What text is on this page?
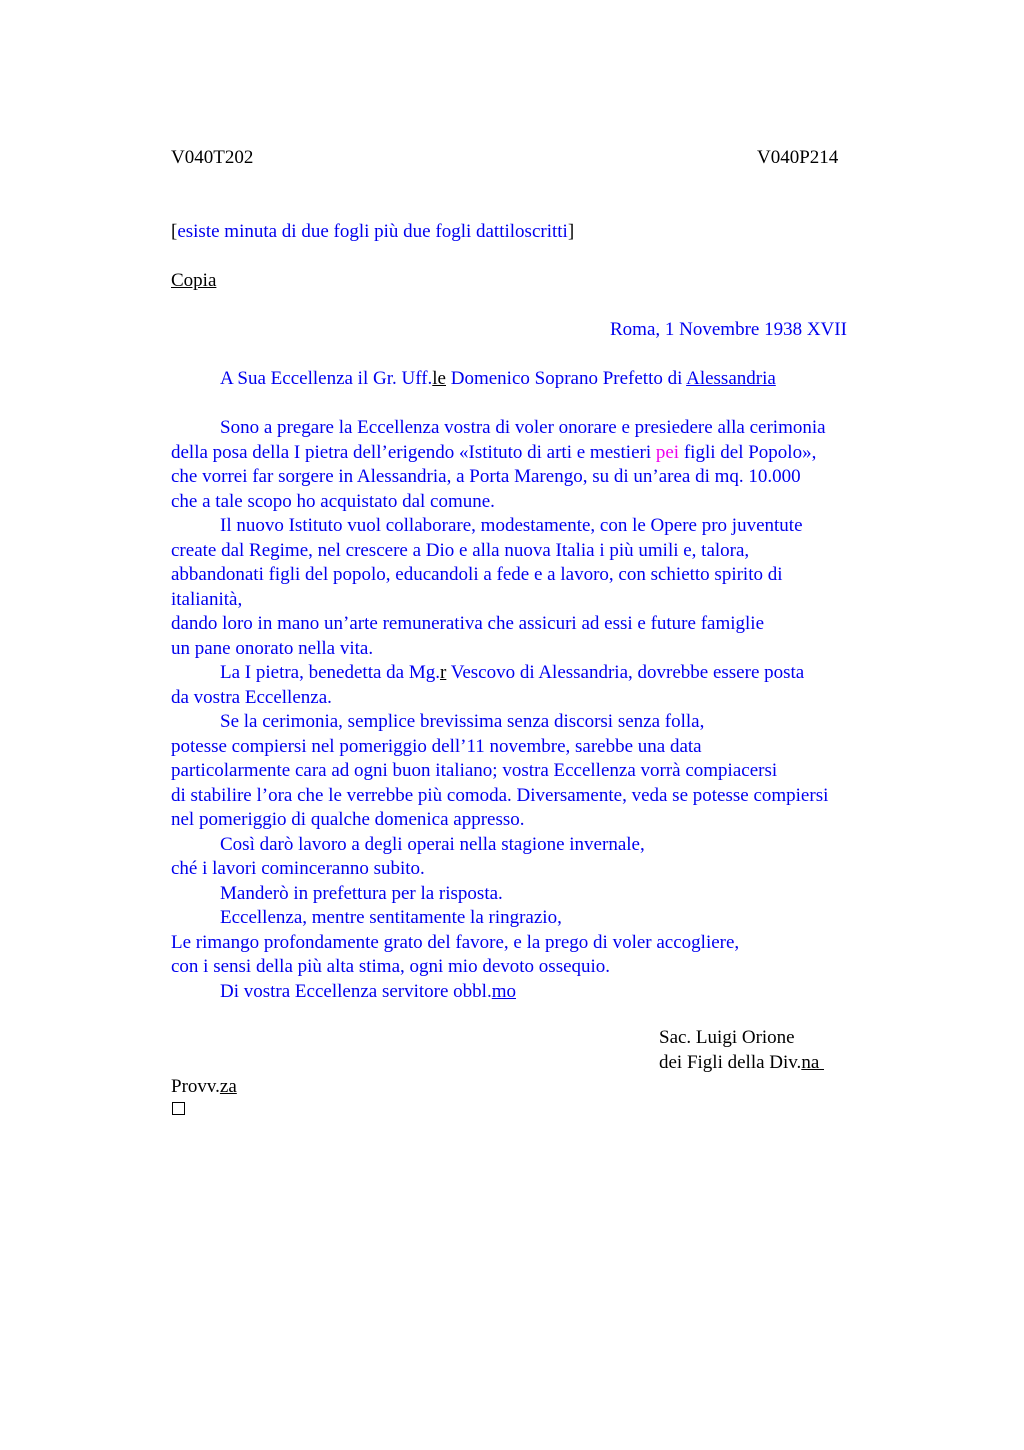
V040T202	V040P214
[esiste minuta di due fogli più due fogli dattiloscritti]
Copia
Roma, 1 Novembre 1938 XVII
A Sua Eccellenza il Gr. Uff.le Domenico Soprano Prefetto di Alessandria
Sono a pregare la Eccellenza vostra di voler onorare e presiedere alla cerimonia
della posa della I pietra dell’erigendo «Istituto di arti e mestieri pei figli del Popolo»,
che vorrei far sorgere in Alessandria, a Porta Marengo, su di un’area di mq. 10.000
che a tale scopo ho acquistato dal comune.
Il nuovo Istituto vuol collaborare, modestamente, con le Opere pro juventute
create dal Regime, nel crescere a Dio e alla nuova Italia i più umili e, talora,
abbandonati figli del popolo, educandoli a fede e a lavoro, con schietto spirito di
italianità,
dando loro in mano un’arte remunerativa che assicuri ad essi e future famiglie
un pane onorato nella vita.
La I pietra, benedetta da Mg.r Vescovo di Alessandria, dovrebbe essere posta
da vostra Eccellenza.
Se la cerimonia, semplice brevissima senza discorsi senza folla,
potesse compiersi nel pomeriggio dell’11 novembre, sarebbe una data
particolarmente cara ad ogni buon italiano; vostra Eccellenza vorrà compiacersi
di stabilire l’ora che le verrebbe più comoda. Diversamente, veda se potesse compiersi
nel pomeriggio di qualche domenica appresso.
Così darò lavoro a degli operai nella stagione invernale,
ché i lavori cominceranno subito.
Manderò in prefettura per la risposta.
Eccellenza, mentre sentitamente la ringrazio,
Le rimango profondamente grato del favore, e la prego di voler accogliere,
con i sensi della più alta stima, ogni mio devoto ossequio.
Di vostra Eccellenza servitore obbl.mo
Sac. Luigi Orione
dei Figli della Div.na
Provv.za
